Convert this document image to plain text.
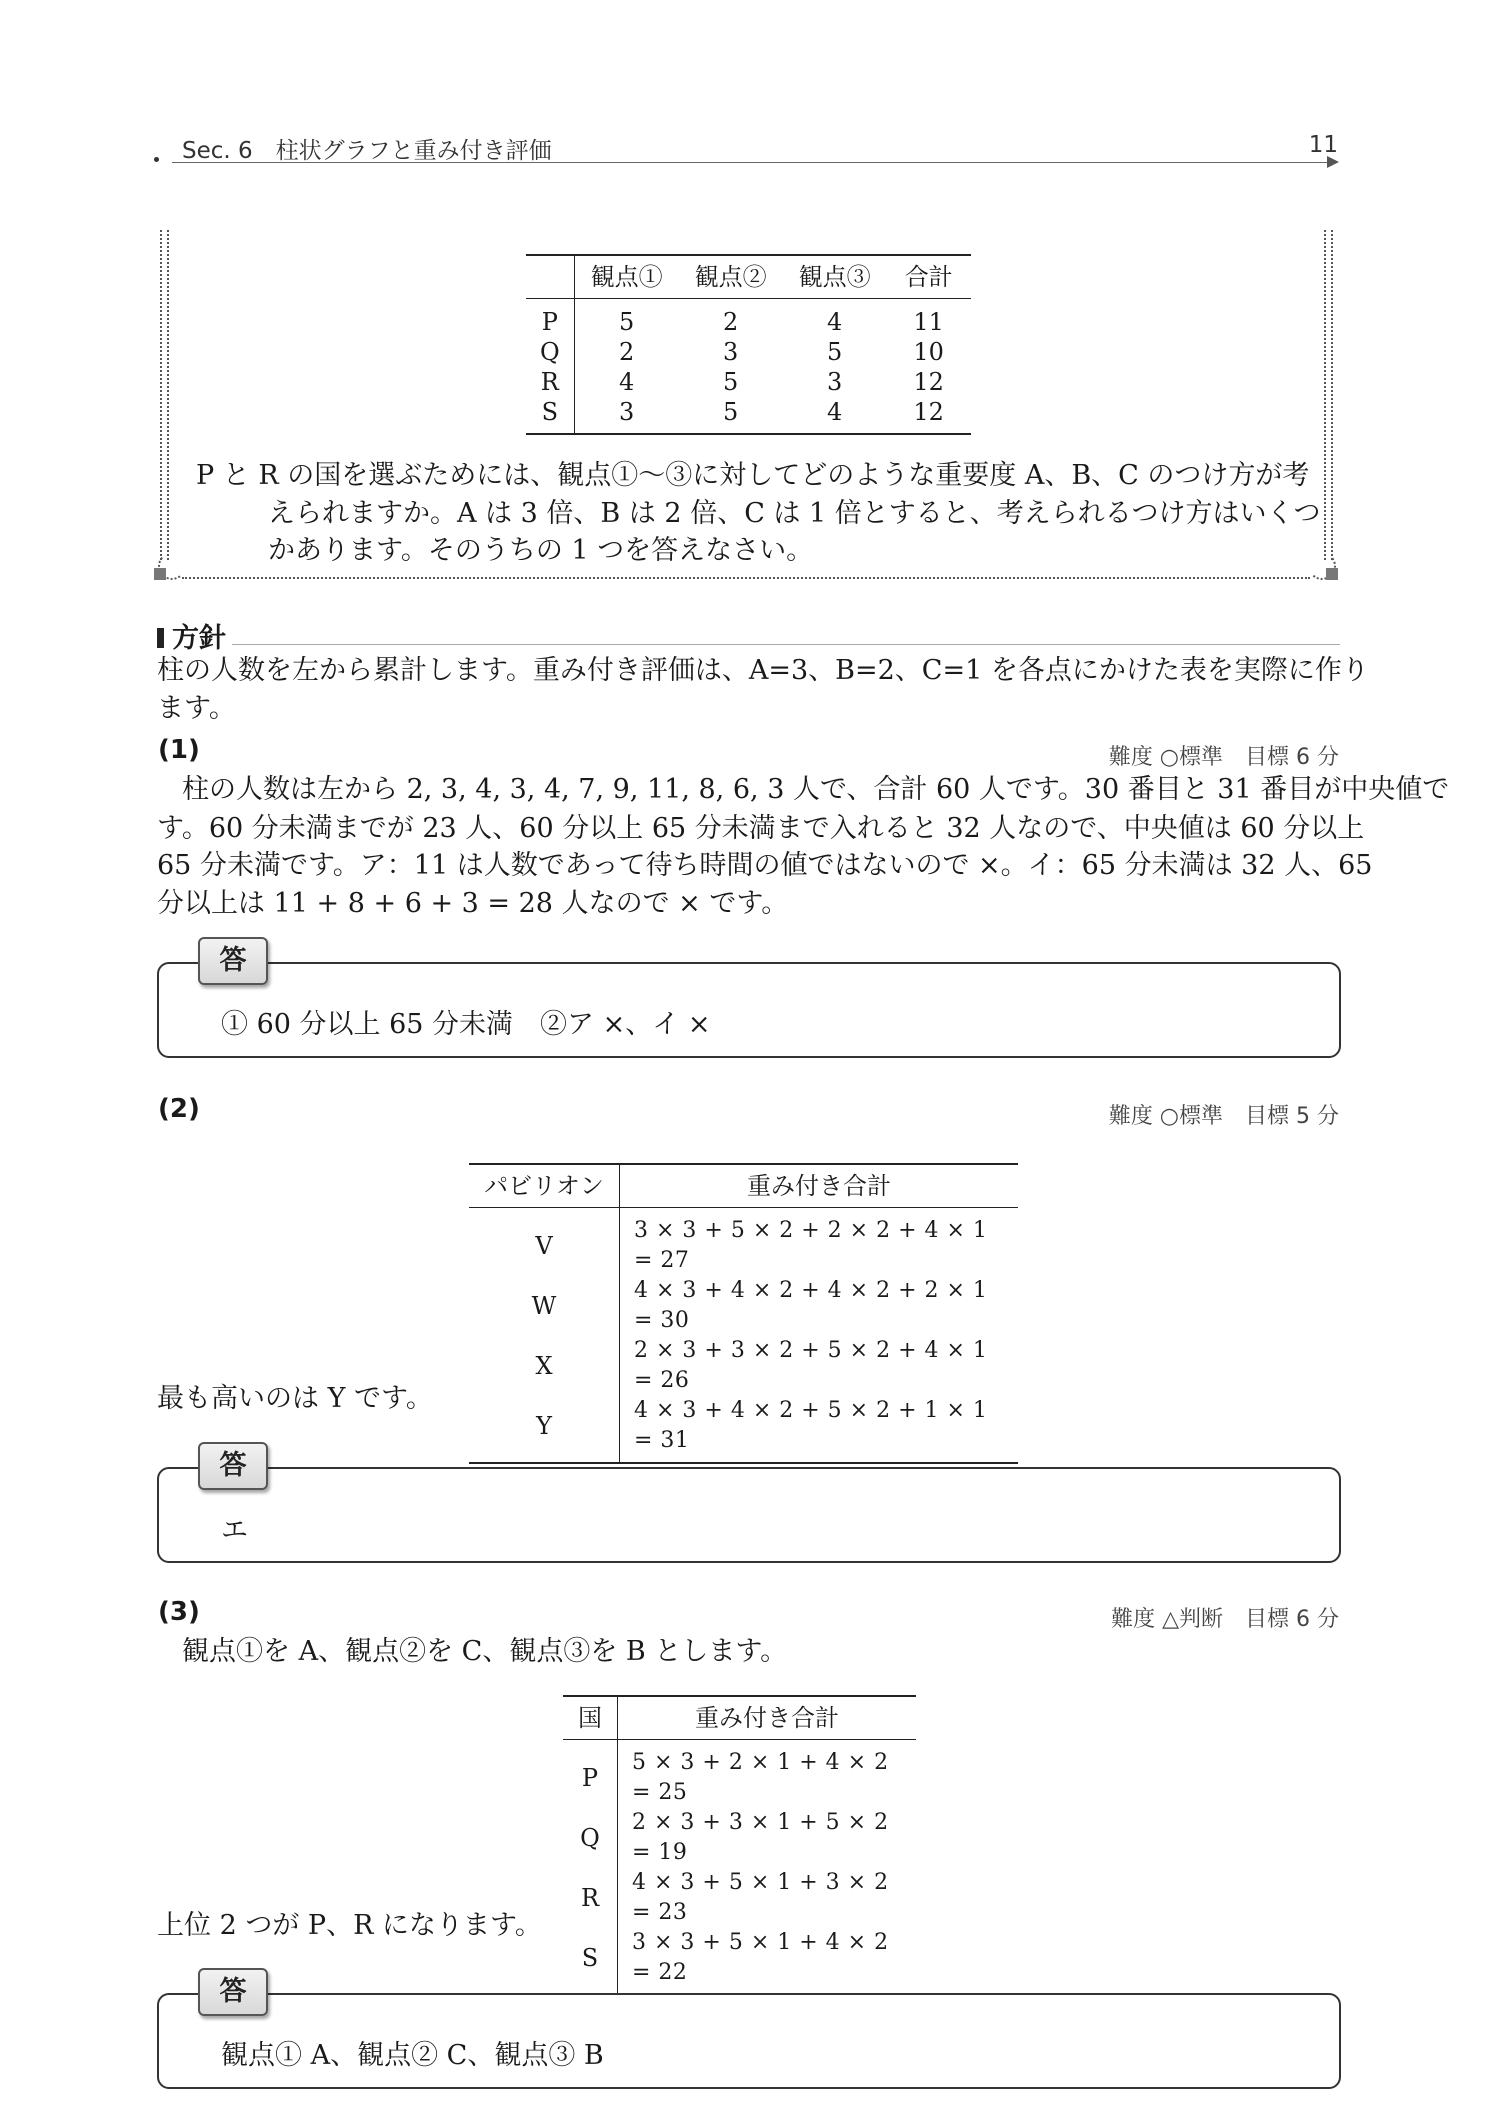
Sec. 6　柱状グラフと重み付き評価	11
	観点①	観点②	観点③	合計
P	5	2	4	11
Q	2	3	5	10
R	4	5	3	12
S	3	5	4	12
P と R の国を選ぶためには、観点①〜③に対してどのような重要度 A、B、C のつけ方が考
えられますか。A は 3 倍、B は 2 倍、C は 1 倍とすると、考えられるつけ方はいくつ
かあります。そのうちの 1 つを答えなさい。
方針
柱の人数を左から累計します。重み付き評価は、A=3、B=2、C=1 を各点にかけた表を実際に作り
ます。
(1)	難度 ○標準　目標 6 分
柱の人数は左から 2, 3, 4, 3, 4, 7, 9, 11, 8, 6, 3 人で、合計 60 人です。30 番目と 31 番目が中央値で
す。60 分未満までが 23 人、60 分以上 65 分未満まで入れると 32 人なので、中央値は 60 分以上
65 分未満です。ア：11 は人数であって待ち時間の値ではないので ×。イ：65 分未満は 32 人、65
分以上は 11 + 8 + 6 + 3 = 28 人なので × です。
答
① 60 分以上 65 分未満　②ア ×、イ ×
(2)	難度 ○標準　目標 5 分
パビリオン	重み付き合計
V	3 × 3 + 5 × 2 + 2 × 2 + 4 × 1 = 27
W	4 × 3 + 4 × 2 + 4 × 2 + 2 × 1 = 30
X	2 × 3 + 3 × 2 + 5 × 2 + 4 × 1 = 26
Y	4 × 3 + 4 × 2 + 5 × 2 + 1 × 1 = 31
最も高いのは Y です。
答
エ
(3)	難度 △判断　目標 6 分
観点①を A、観点②を C、観点③を B とします。
国	重み付き合計
P	5 × 3 + 2 × 1 + 4 × 2 = 25
Q	2 × 3 + 3 × 1 + 5 × 2 = 19
R	4 × 3 + 5 × 1 + 3 × 2 = 23
S	3 × 3 + 5 × 1 + 4 × 2 = 22
上位 2 つが P、R になります。
答
観点① A、観点② C、観点③ B
